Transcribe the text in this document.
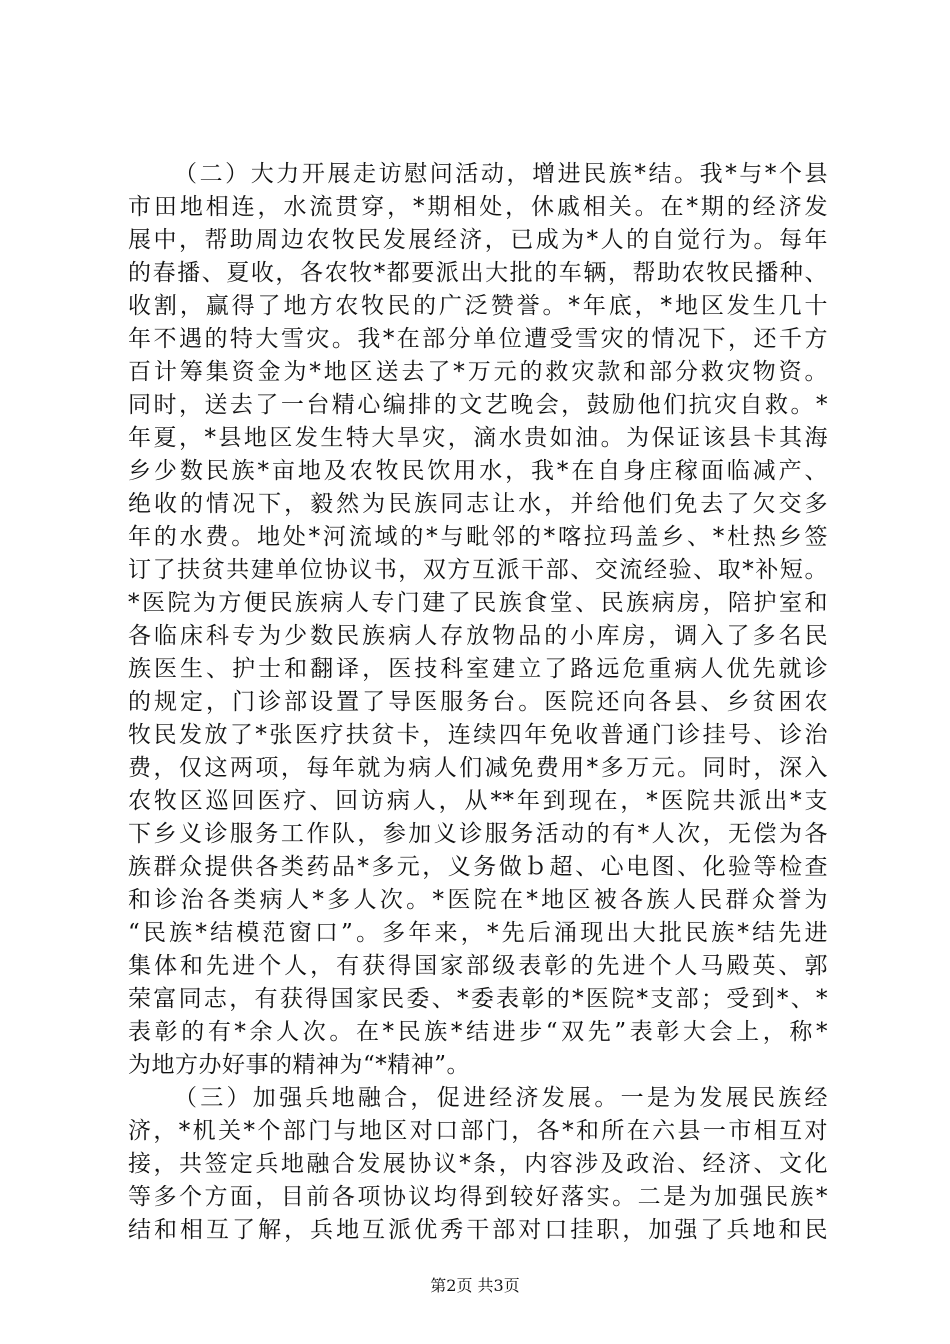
（二）大力开展走访慰问活动，增进民族*结。我*与*个县
市田地相连，水流贯穿，*期相处，休戚相关。在*期的经济发
展中，帮助周边农牧民发展经济，已成为*人的自觉行为。每年
的春播、夏收，各农牧*都要派出大批的车辆，帮助农牧民播种、
收割，赢得了地方农牧民的广泛赞誉。*年底，*地区发生几十
年不遇的特大雪灾。我*在部分单位遭受雪灾的情况下，还千方
百计筹集资金为*地区送去了*万元的救灾款和部分救灾物资。
同时，送去了一台精心编排的文艺晚会，鼓励他们抗灾自救。*
年夏，*县地区发生特大旱灾，滴水贵如油。为保证该县卡其海
乡少数民族*亩地及农牧民饮用水，我*在自身庄稼面临减产、
绝收的情况下，毅然为民族同志让水，并给他们免去了欠交多
年的水费。地处*河流域的*与毗邻的*喀拉玛盖乡、*杜热乡签
订了扶贫共建单位协议书，双方互派干部、交流经验、取*补短。
*医院为方便民族病人专门建了民族食堂、民族病房，陪护室和
各临床科专为少数民族病人存放物品的小库房，调入了多名民
族医生、护士和翻译，医技科室建立了路远危重病人优先就诊
的规定，门诊部设置了导医服务台。医院还向各县、乡贫困农
牧民发放了*张医疗扶贫卡，连续四年免收普通门诊挂号、诊治
费，仅这两项，每年就为病人们减免费用*多万元。同时，深入
农牧区巡回医疗、回访病人，从**年到现在，*医院共派出*支
下乡义诊服务工作队，参加义诊服务活动的有*人次，无偿为各
族群众提供各类药品*多元，义务做ｂ超、心电图、化验等检查
和诊治各类病人*多人次。*医院在*地区被各族人民群众誉为
“民族*结模范窗口”。多年来，*先后涌现出大批民族*结先进
集体和先进个人，有获得国家部级表彰的先进个人马殿英、郭
荣富同志，有获得国家民委、*委表彰的*医院*支部；受到*、*
表彰的有*余人次。在*民族*结进步“双先”表彰大会上，称*
为地方办好事的精神为“*精神”。
（三）加强兵地融合，促进经济发展。一是为发展民族经
济，*机关*个部门与地区对口部门，各*和所在六县一市相互对
接，共签定兵地融合发展协议*条，内容涉及政治、经济、文化
等多个方面，目前各项协议均得到较好落实。二是为加强民族*
结和相互了解，兵地互派优秀干部对口挂职，加强了兵地和民
第2页 共3页
